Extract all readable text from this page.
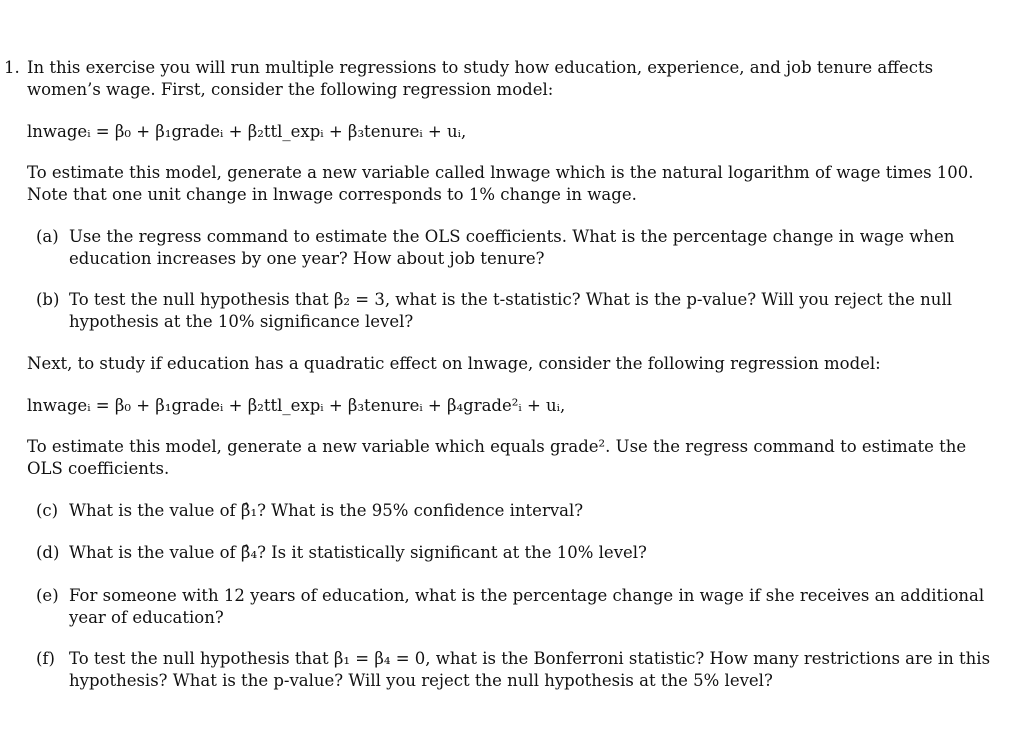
1. In this exercise you will run multiple regressions to study how education, experience, and job tenure affects women’s wage. First, consider the following regression model:
lnwageᵢ = β₀ + β₁gradeᵢ + β₂ttl_expᵢ + β₃tenureᵢ + uᵢ,
To estimate this model, generate a new variable called lnwage which is the natural logarithm of wage times 100. Note that one unit change in lnwage corresponds to 1% change in wage.
(a) Use the regress command to estimate the OLS coefficients. What is the percentage change in wage when education increases by one year? How about job tenure?
(b) To test the null hypothesis that β₂ = 3, what is the t-statistic? What is the p-value? Will you reject the null hypothesis at the 10% significance level?
Next, to study if education has a quadratic effect on lnwage, consider the following regression model:
lnwageᵢ = β₀ + β₁gradeᵢ + β₂ttl_expᵢ + β₃tenureᵢ + β₄grade²ᵢ + uᵢ,
To estimate this model, generate a new variable which equals grade². Use the regress command to estimate the OLS coefficients.
(c) What is the value of β̂₁? What is the 95% confidence interval?
(d) What is the value of β̂₄? Is it statistically significant at the 10% level?
(e) For someone with 12 years of education, what is the percentage change in wage if she receives an additional year of education?
(f) To test the null hypothesis that β₁ = β₄ = 0, what is the Bonferroni statistic? How many restrictions are in this hypothesis? What is the p-value? Will you reject the null hypothesis at the 5% level?
